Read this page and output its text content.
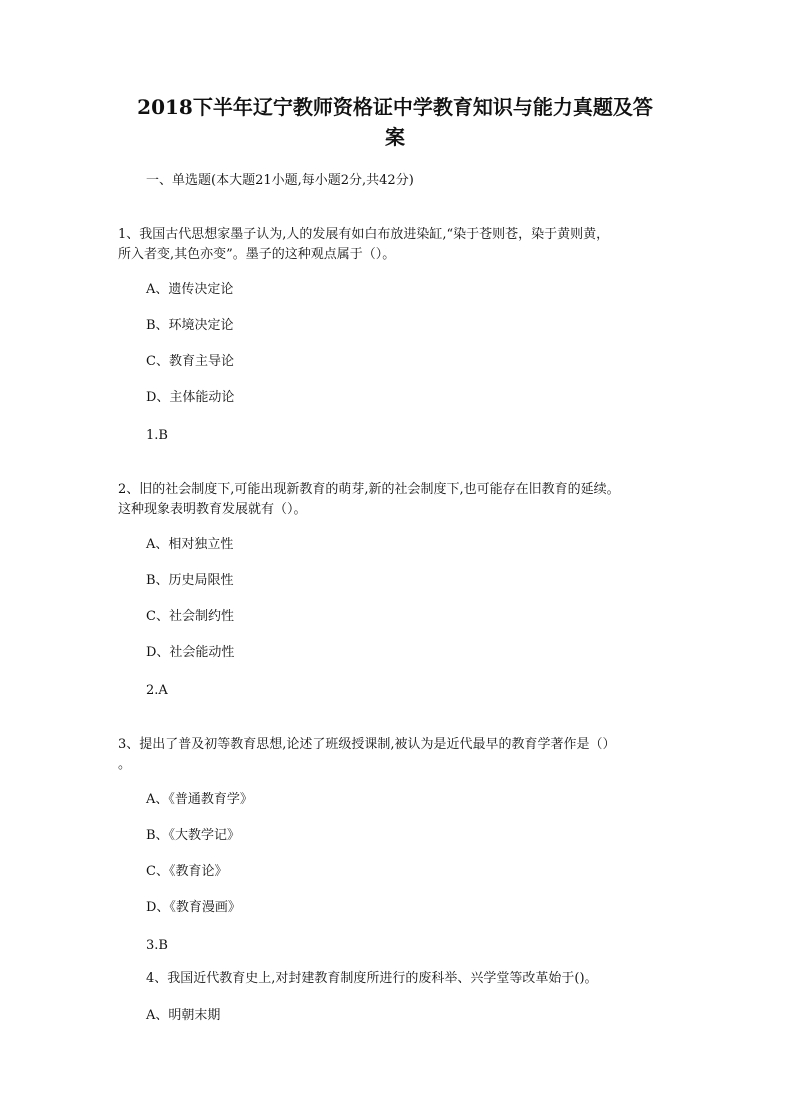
2018下半年辽宁教师资格证中学教育知识与能力真题及答
案

一、单选题(本大题21小题,每小题2分,共42分)

1、我国古代思想家墨子认为,人的发展有如白布放进染缸,“染于苍则苍，染于黄则黄，

所入者变,其色亦变”。墨子的这种观点属于（）。

A、遗传决定论

B、环境决定论

C、教育主导论

D、主体能动论

1.B

2、旧的社会制度下,可能出现新教育的萌芽,新的社会制度下,也可能存在旧教育的延续。

这种现象表明教育发展就有（）。

A、相对独立性

B、历史局限性

C、社会制约性

D、社会能动性

2.A

3、提出了普及初等教育思想,论述了班级授课制,被认为是近代最早的教育学著作是（）

。

A、《普通教育学》

B、《大教学记》

C、《教育论》

D、《教育漫画》

3.B

4、我国近代教育史上,对封建教育制度所进行的废科举、兴学堂等改革始于()。

A、明朝末期
